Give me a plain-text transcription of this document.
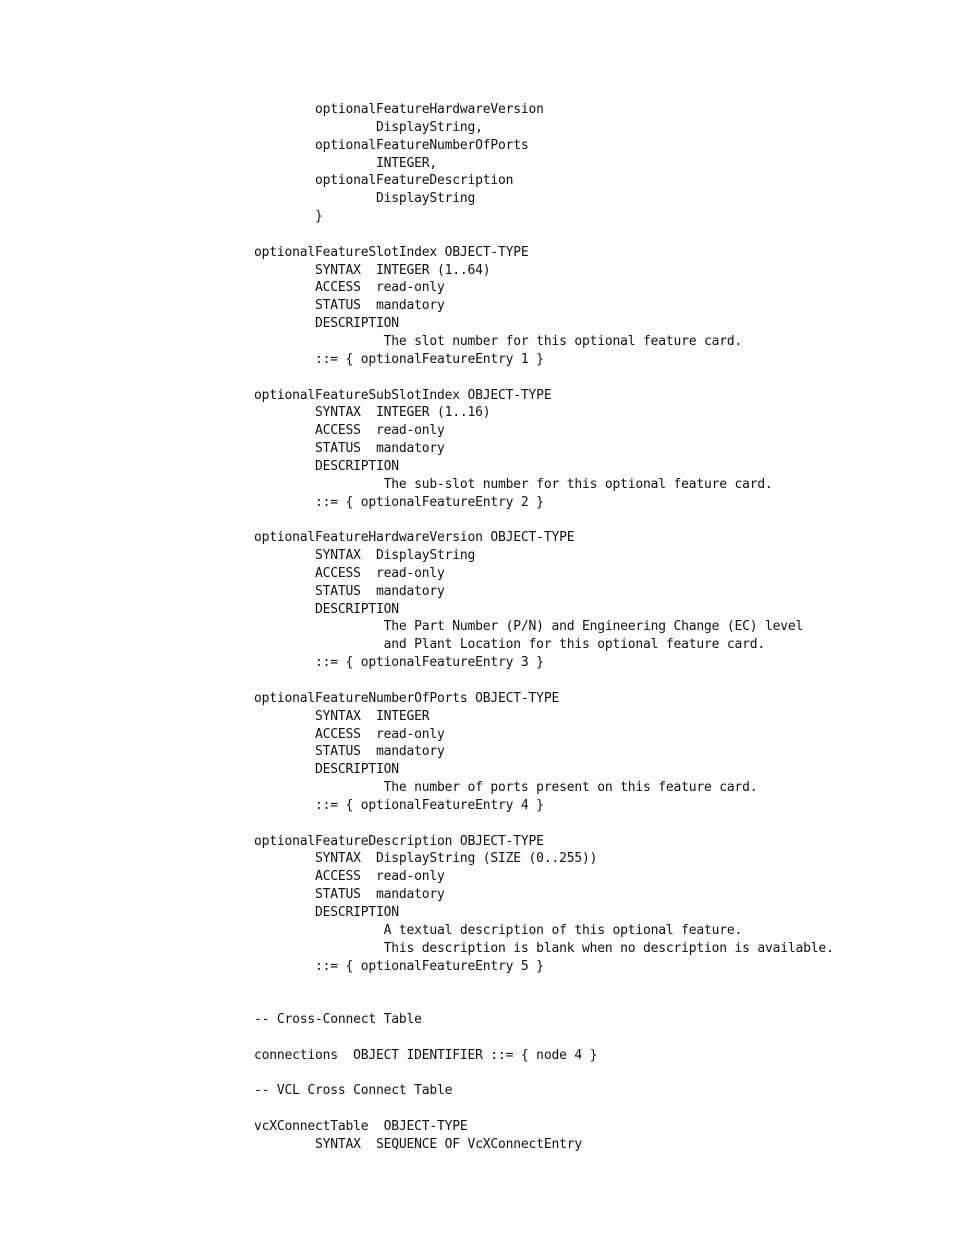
optionalFeatureHardwareVersion
DisplayString,
optionalFeatureNumberOfPorts
INTEGER,
optionalFeatureDescription
DisplayString
}
optionalFeatureSlotIndex OBJECT-TYPE
SYNTAX  INTEGER (1..64)
ACCESS  read-only
STATUS  mandatory
DESCRIPTION
The slot number for this optional feature card.
::= { optionalFeatureEntry 1 }
optionalFeatureSubSlotIndex OBJECT-TYPE
SYNTAX  INTEGER (1..16)
ACCESS  read-only
STATUS  mandatory
DESCRIPTION
The sub-slot number for this optional feature card.
::= { optionalFeatureEntry 2 }
optionalFeatureHardwareVersion OBJECT-TYPE
SYNTAX  DisplayString
ACCESS  read-only
STATUS  mandatory
DESCRIPTION
The Part Number (P/N) and Engineering Change (EC) level
and Plant Location for this optional feature card.
::= { optionalFeatureEntry 3 }
optionalFeatureNumberOfPorts OBJECT-TYPE
SYNTAX  INTEGER
ACCESS  read-only
STATUS  mandatory
DESCRIPTION
The number of ports present on this feature card.
::= { optionalFeatureEntry 4 }
optionalFeatureDescription OBJECT-TYPE
SYNTAX  DisplayString (SIZE (0..255))
ACCESS  read-only
STATUS  mandatory
DESCRIPTION
A textual description of this optional feature.
This description is blank when no description is available.
::= { optionalFeatureEntry 5 }
-- Cross-Connect Table
connections  OBJECT IDENTIFIER ::= { node 4 }
-- VCL Cross Connect Table
vcXConnectTable  OBJECT-TYPE
SYNTAX  SEQUENCE OF VcXConnectEntry
